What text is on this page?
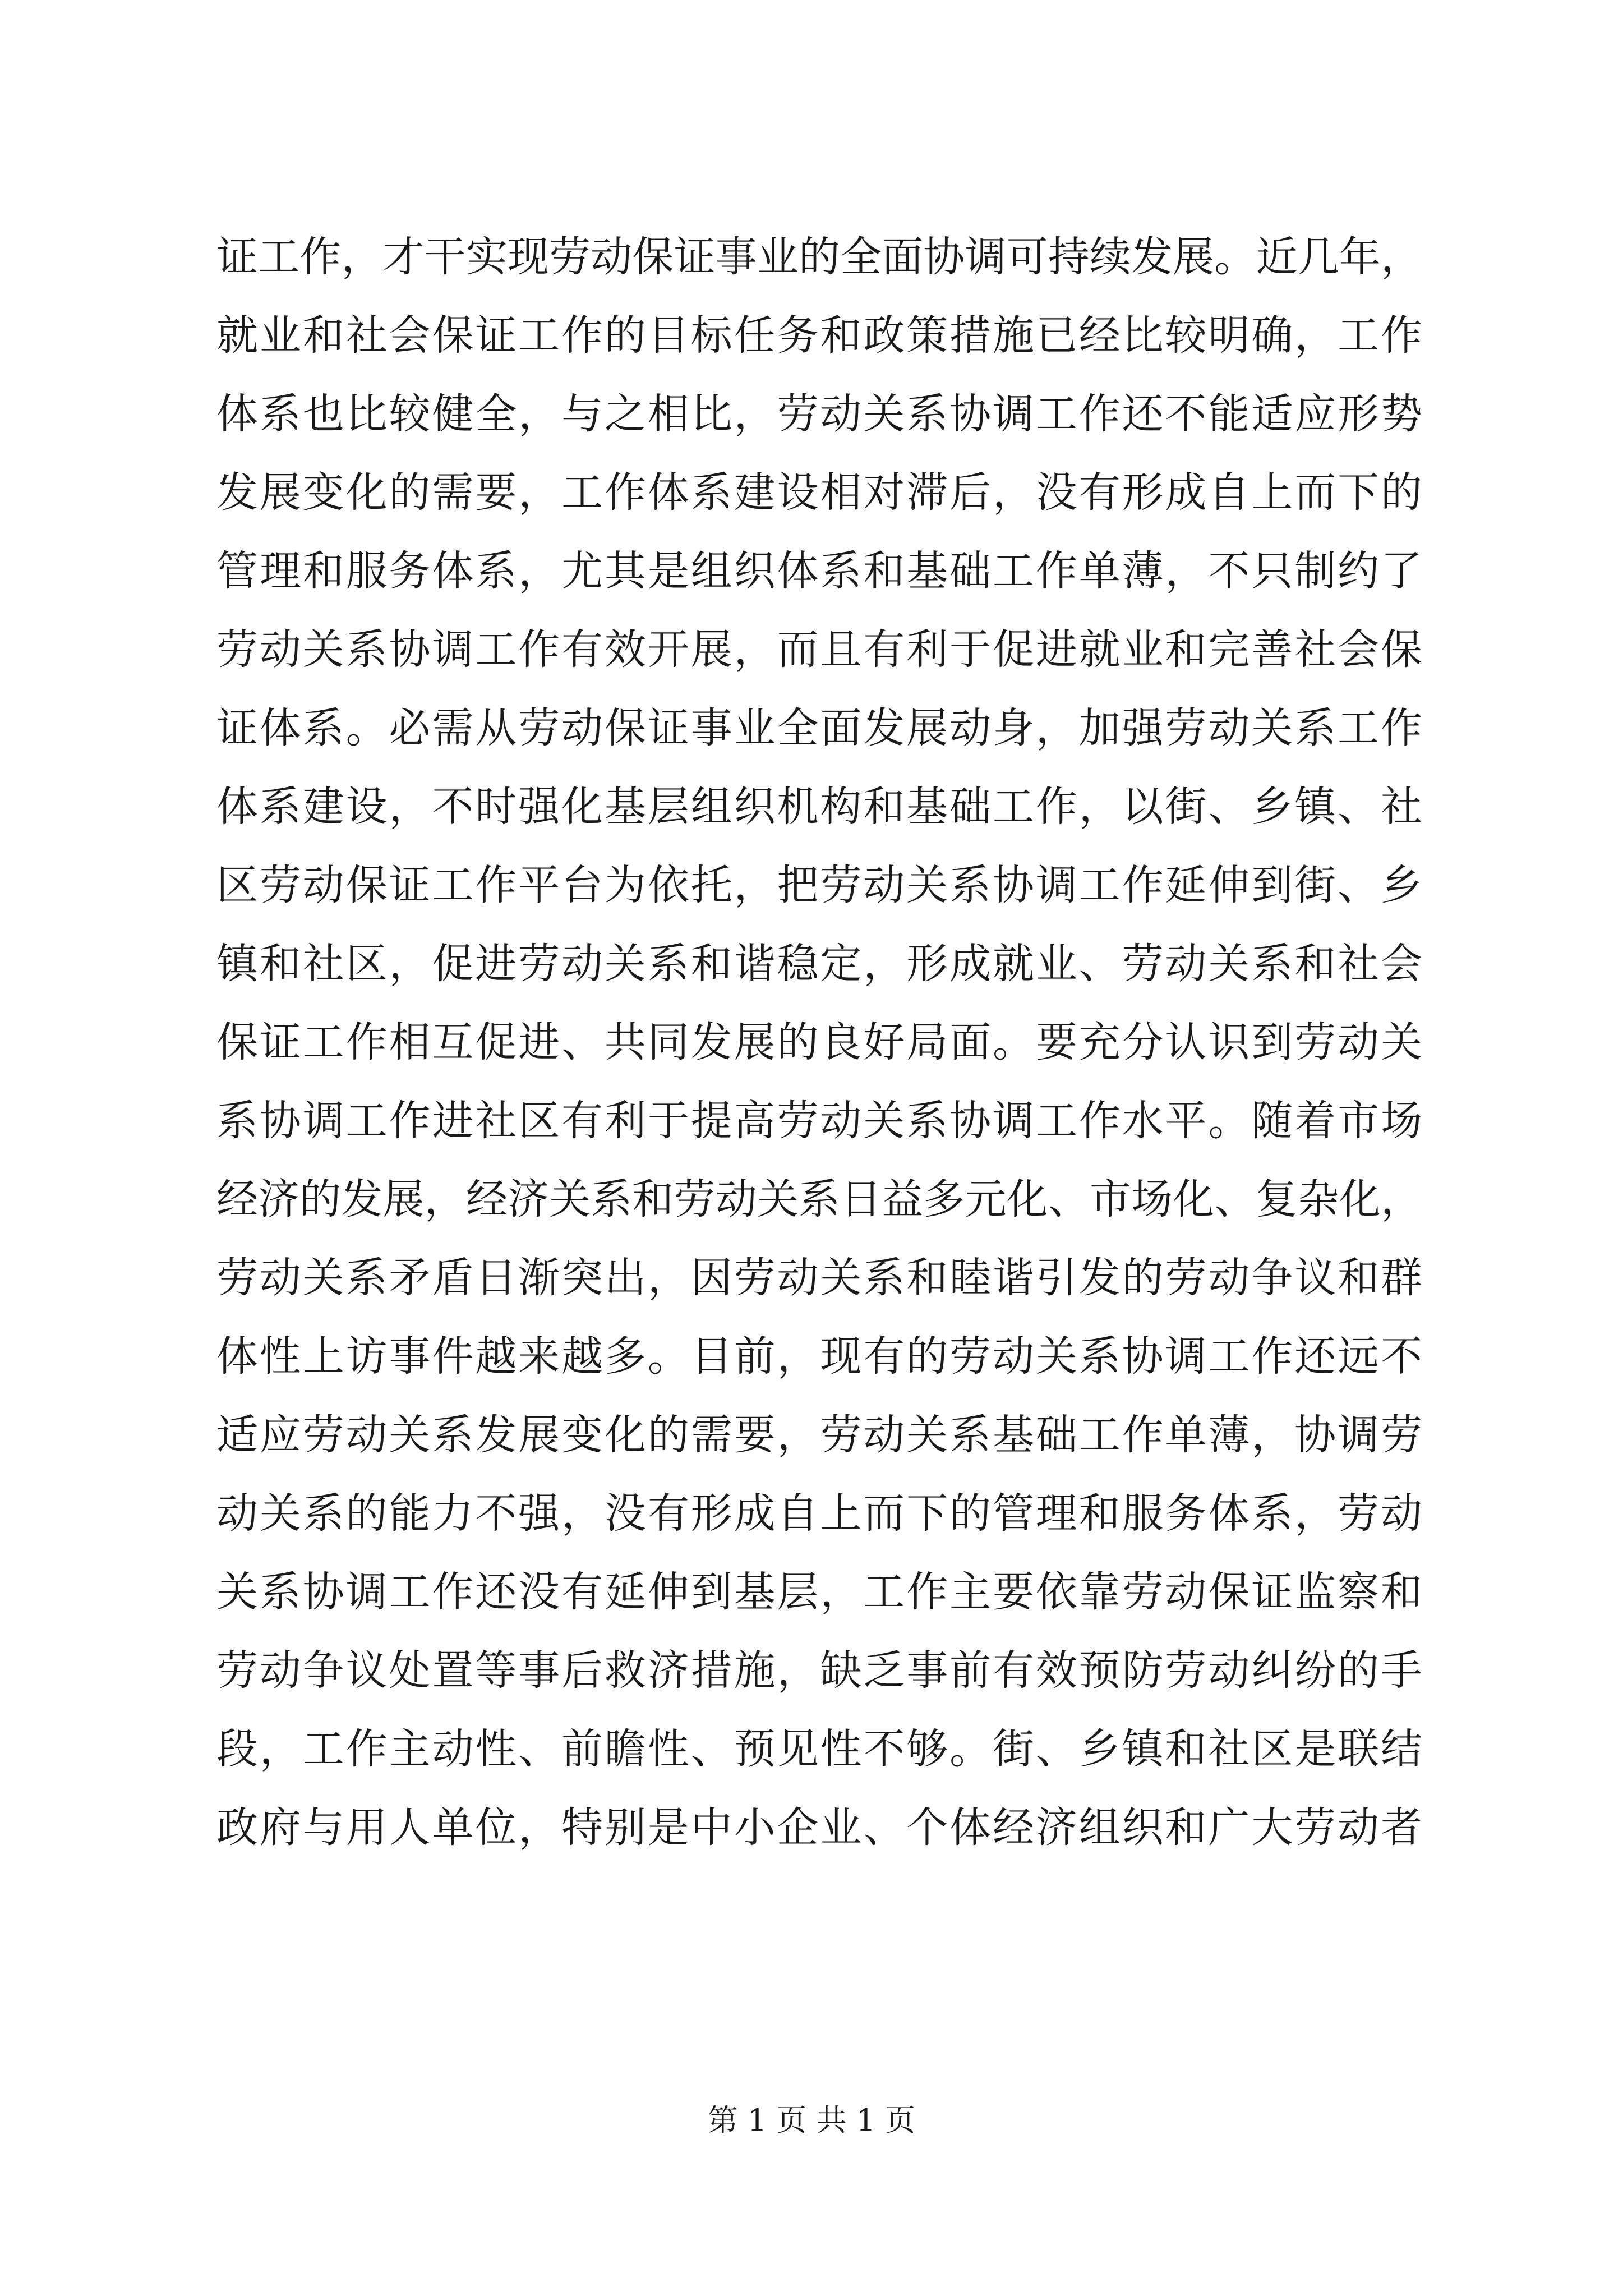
证工作，才干实现劳动保证事业的全面协调可持续发展。近几年，
就业和社会保证工作的目标任务和政策措施已经比较明确，工作
体系也比较健全，与之相比，劳动关系协调工作还不能适应形势
发展变化的需要，工作体系建设相对滞后，没有形成自上而下的
管理和服务体系，尤其是组织体系和基础工作单薄，不只制约了
劳动关系协调工作有效开展，而且有利于促进就业和完善社会保
证体系。必需从劳动保证事业全面发展动身，加强劳动关系工作
体系建设，不时强化基层组织机构和基础工作，以街、乡镇、社
区劳动保证工作平台为依托，把劳动关系协调工作延伸到街、乡
镇和社区，促进劳动关系和谐稳定，形成就业、劳动关系和社会
保证工作相互促进、共同发展的良好局面。要充分认识到劳动关
系协调工作进社区有利于提高劳动关系协调工作水平。随着市场
经济的发展，经济关系和劳动关系日益多元化、市场化、复杂化，
劳动关系矛盾日渐突出，因劳动关系和睦谐引发的劳动争议和群
体性上访事件越来越多。目前，现有的劳动关系协调工作还远不
适应劳动关系发展变化的需要，劳动关系基础工作单薄，协调劳
动关系的能力不强，没有形成自上而下的管理和服务体系，劳动
关系协调工作还没有延伸到基层，工作主要依靠劳动保证监察和
劳动争议处置等事后救济措施，缺乏事前有效预防劳动纠纷的手
段，工作主动性、前瞻性、预见性不够。街、乡镇和社区是联结
政府与用人单位，特别是中小企业、个体经济组织和广大劳动者
第 1 页 共 1 页
